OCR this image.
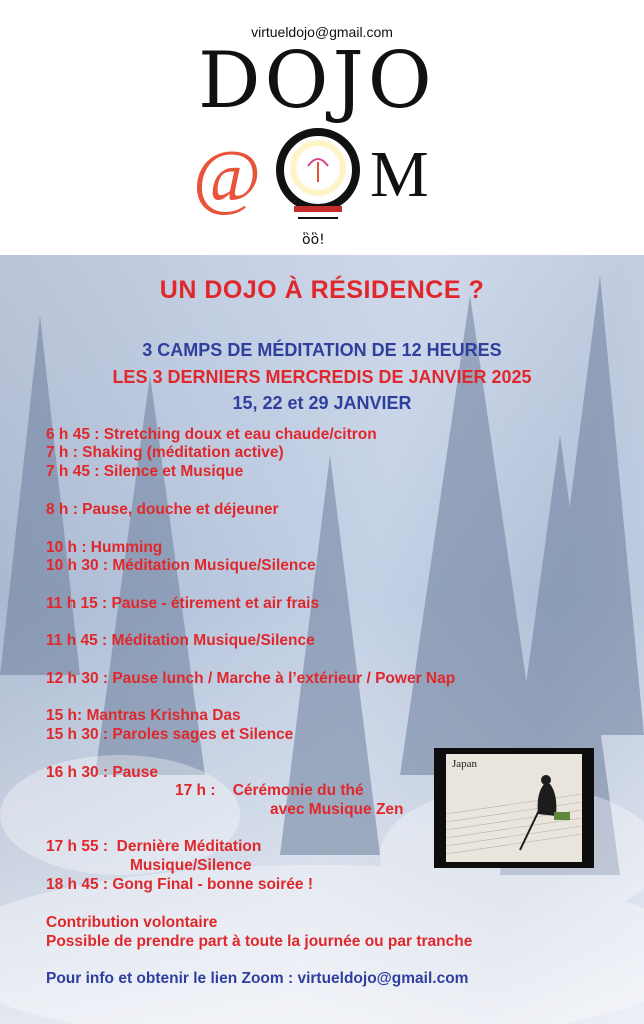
virtueldojo@gmail.com
DOJO
@
ὃὃ!
M
UN DOJO À RÉSIDENCE ?
3 CAMPS DE MÉDITATION DE 12 HEURES
LES 3 DERNIERS MERCREDIS DE JANVIER 2025
15, 22 et 29 JANVIER
6 h 45 : Stretching doux et eau chaude/citron
7 h : Shaking (méditation active)
7 h 45 : Silence et Musique
8 h : Pause, douche et déjeuner
10 h : Humming
10 h 30 : Méditation Musique/Silence
11 h 15 : Pause - étirement et air frais
11 h 45 : Méditation Musique/Silence
12 h 30 : Pause lunch / Marche à l’extérieur / Power Nap
15 h: Mantras Krishna Das
15 h 30 : Paroles sages et Silence
16 h 30 : Pause
17 h :    Cérémonie du thé
avec Musique Zen
17 h 55 :  Dernière Méditation
Musique/Silence
18 h 45 : Gong Final - bonne soirée !
Contribution volontaire
Possible de prendre part à toute la journée ou par tranche
Pour info et obtenir le lien Zoom : virtueldojo@gmail.com
Japan
